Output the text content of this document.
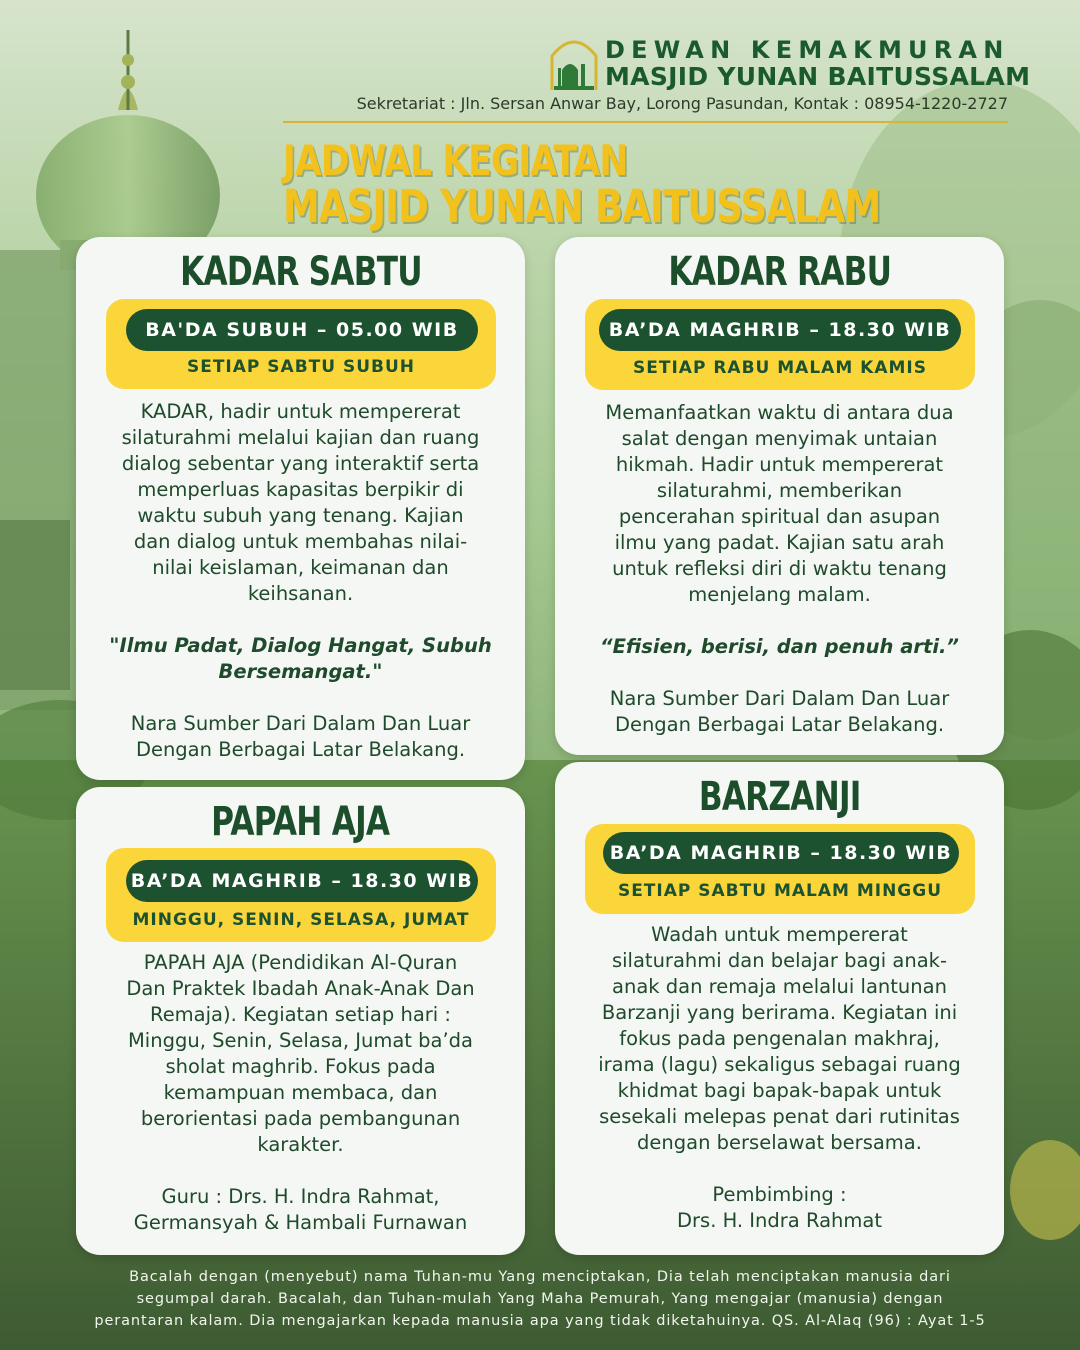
DEWAN KEMAKMURAN
MASJID YUNAN BAITUSSALAM
Sekretariat : Jln. Sersan Anwar Bay, Lorong Pasundan, Kontak : 08954-1220-2727
JADWAL KEGIATAN
MASJID YUNAN BAITUSSALAM
KADAR SABTU
BA'DA SUBUH – 05.00 WIB
SETIAP SABTU SUBUH

KADAR, hadir untuk mempererat

silaturahmi melalui kajian dan ruang

dialog sebentar yang interaktif serta

memperluas kapasitas berpikir di

waktu subuh yang tenang. Kajian

dan dialog untuk membahas nilai-

nilai keislaman, keimanan dan

keihsanan.

"Ilmu Padat, Dialog Hangat, Subuh

Bersemangat."

Nara Sumber Dari Dalam Dan Luar

Dengan Berbagai Latar Belakang.

KADAR RABU
BA’DA MAGHRIB – 18.30 WIB
SETIAP RABU MALAM KAMIS

Memanfaatkan waktu di antara dua

salat dengan menyimak untaian

hikmah. Hadir untuk mempererat

silaturahmi, memberikan

pencerahan spiritual dan asupan

ilmu yang padat. Kajian satu arah

untuk refleksi diri di waktu tenang

menjelang malam.

“Efisien, berisi, dan penuh arti.”

Nara Sumber Dari Dalam Dan Luar

Dengan Berbagai Latar Belakang.

PAPAH AJA
BA’DA MAGHRIB – 18.30 WIB
MINGGU, SENIN, SELASA, JUMAT

PAPAH AJA (Pendidikan Al-Quran

Dan Praktek Ibadah Anak-Anak Dan

Remaja). Kegiatan setiap hari :

Minggu, Senin, Selasa, Jumat ba’da

sholat maghrib. Fokus pada

kemampuan membaca, dan

berorientasi pada pembangunan

karakter.

Guru : Drs. H. Indra Rahmat,

Germansyah & Hambali Furnawan

BARZANJI
BA’DA MAGHRIB – 18.30 WIB
SETIAP SABTU MALAM MINGGU

Wadah untuk mempererat

silaturahmi dan belajar bagi anak-

anak dan remaja melalui lantunan

Barzanji yang berirama. Kegiatan ini

fokus pada pengenalan makhraj,

irama (lagu) sekaligus sebagai ruang

khidmat bagi bapak-bapak untuk

sesekali melepas penat dari rutinitas

dengan berselawat bersama.

Pembimbing :

Drs. H. Indra Rahmat

Bacalah dengan (menyebut) nama Tuhan-mu Yang menciptakan, Dia telah menciptakan manusia dari

segumpal darah. Bacalah, dan Tuhan-mulah Yang Maha Pemurah, Yang mengajar (manusia) dengan

perantaran kalam. Dia mengajarkan kepada manusia apa yang tidak diketahuinya. QS. Al-Alaq (96) : Ayat 1-5
